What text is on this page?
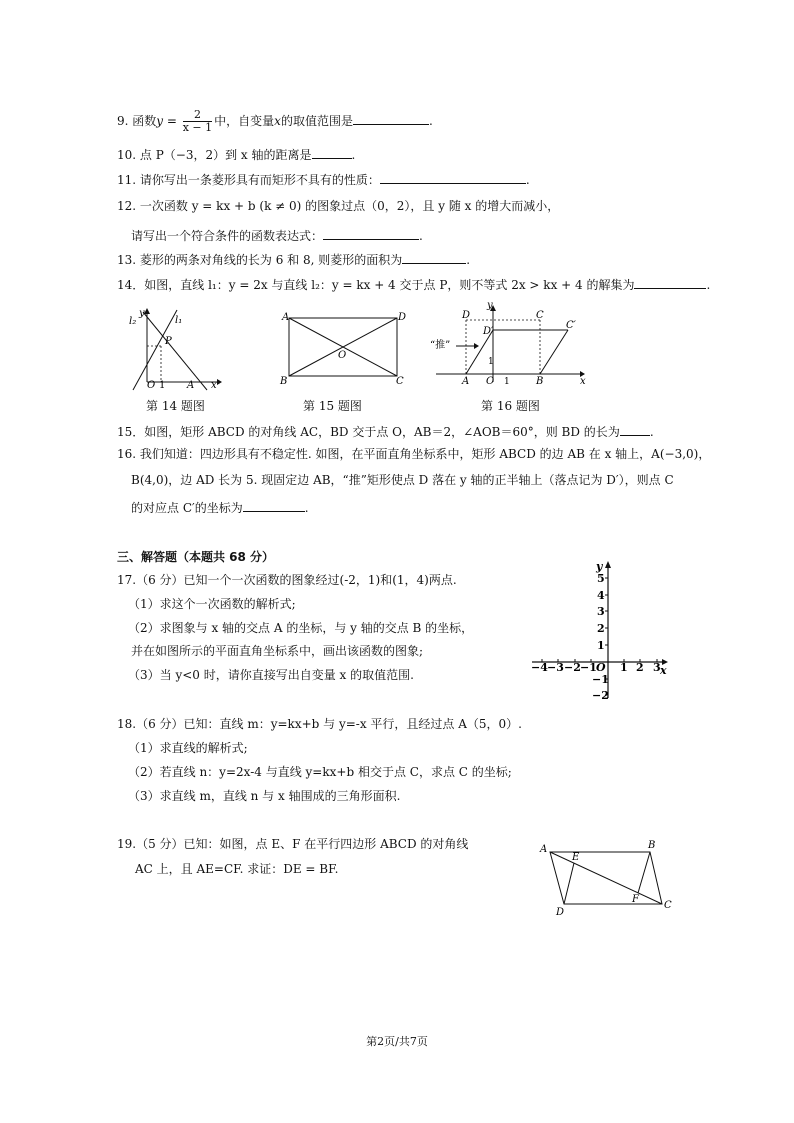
9. 函数$y = \frac{2}{x - 1}$ 中，自变量x的取值范围是	.
10. 点 P（−3，2）到 x 轴的距离是	.
11. 请你写出一条菱形具有而矩形不具有的性质：	.
12. 一次函数 y = kx + b (k ≠ 0) 的图象过点（0，2），且 y 随 x 的增大而减小，
请写出一个符合条件的函数表达式：	.
13. 菱形的两条对角线的长为 6 和 8, 则菱形的面积为	.
14．如图，直线 l₁：y = 2x 与直线 l₂：y = kx + 4 交于点 P，则不等式 2x > kx + 4 的解集为	.
l₂	l₁
y
P
O 1 A x
第 14 题图
A	D
O
B	C
第 15 题图
D	C
D′
C′
“推”
y
1
A O 1	B	x
第 16 题图
15．如图，矩形 ABCD 的对角线 AC，BD 交于点 O，AB＝2，∠AOB＝60°，则 BD 的长为	.
16. 我们知道：四边形具有不稳定性. 如图，在平面直角坐标系中，矩形 ABCD 的边 AB 在 x 轴上，A(−3,0)，
B(4,0)，边 AD 长为 5. 现固定边 AB，“推”矩形使点 D 落在 y 轴的正半轴上（落点记为 D′），则点 C
的对应点 C′的坐标为	.
三、解答题（本题共 68 分）
17.（6 分）已知一个一次函数的图象经过(-2，1)和(1，4)两点.
（1）求这个一次函数的解析式;
（2）求图象与 x 轴的交点 A 的坐标，与 y 轴的交点 B 的坐标，
并在如图所示的平面直角坐标系中，画出该函数的图象;
（3）当 y<0 时，请你直接写出自变量 x 的取值范围.
y
x
O
5
4
3
2
1
−1
−2
−4 −3 −2 −1 1 2 3
18.（6 分）已知：直线 m：y=kx+b 与 y=-x 平行，且经过点 A（5，0）.
（1）求直线的解析式;
（2）若直线 n：y=2x-4 与直线 y=kx+b 相交于点 C，求点 C 的坐标;
（3）求直线 m，直线 n 与 x 轴围成的三角形面积.
19.（5 分）已知：如图，点 E、F 在平行四边形 ABCD 的对角线
AC 上，且 AE=CF. 求证：DE = BF.
A	B
E
F
C
D
第2页/共7页
